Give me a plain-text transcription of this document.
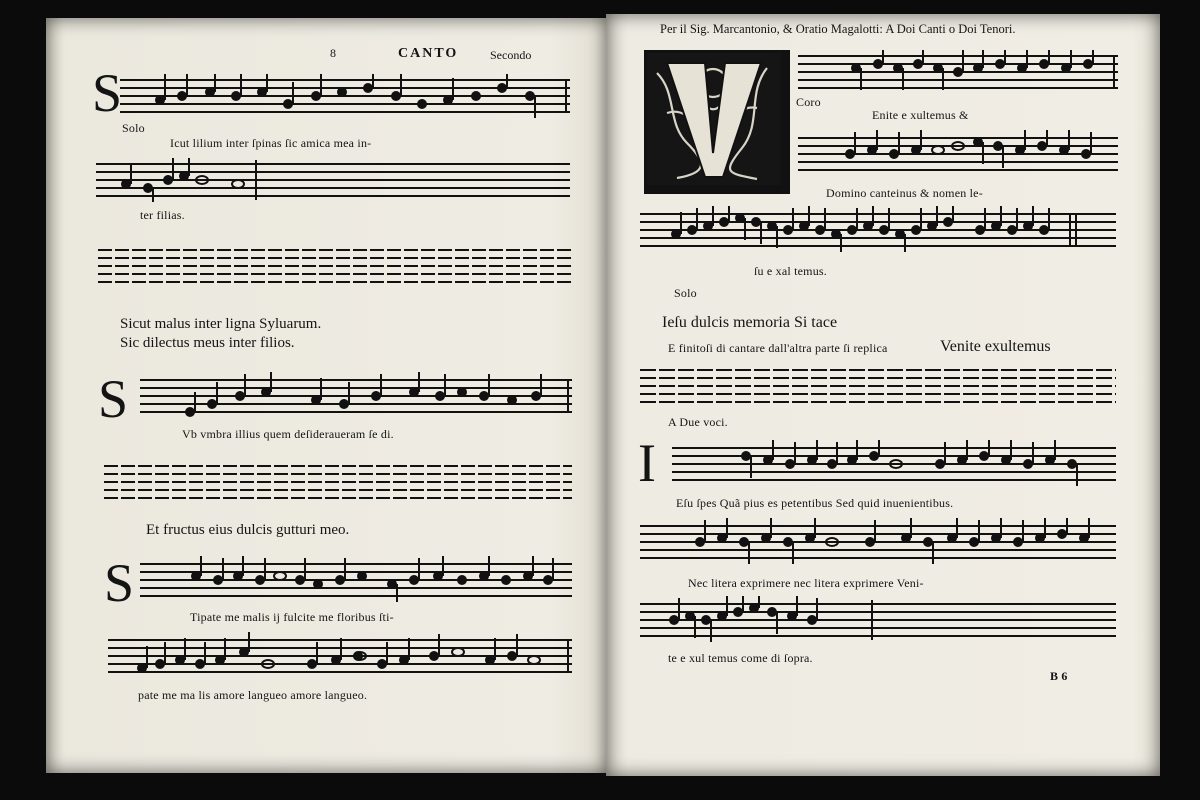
8	CANTO	Secondo
S
Solo
Icut lilium inter ſpinas ſic amica mea in-
ter filias.
Sicut malus inter ligna Syluarum.
Sic dilectus meus inter filios.
S
Vb vmbra illius quem deſideraueram ſe di.
Et fructus eius dulcis gutturi meo.
S
Tipate me malis ij fulcite me floribus ſti-
pate me ma lis amore langueo amore langueo.
Per il Sig. Marcantonio, & Oratio Magalotti: A Doi Canti o Doi Tenori.
Coro
Enite e xultemus &
Domino canteinus & nomen le-
ſu e xal temus.
Solo
Ieſu dulcis memoria Si tace
E finitoſi di cantare dall'altra parte ſi replica	Venite exultemus
A Due voci.
I
Eſu ſpes Quã pius es petentibus Sed quid inuenientibus.
Nec litera exprimere nec litera exprimere Veni-
te e xul temus come di ſopra.
B 6
